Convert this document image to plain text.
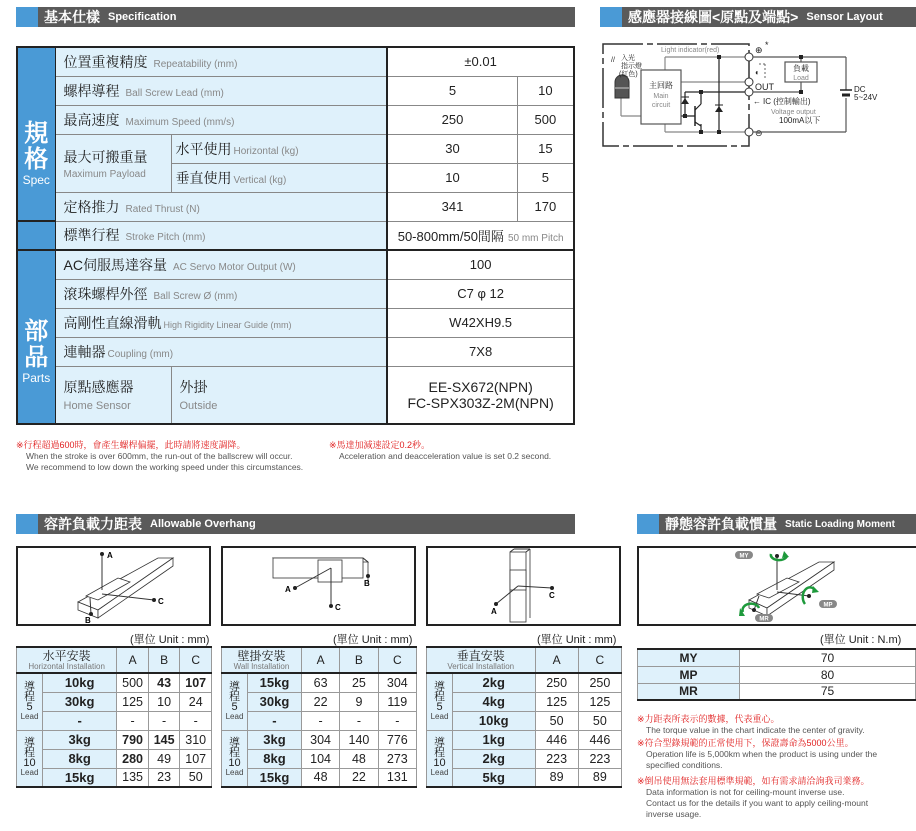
基本仕樣 Specification
規
格
Spec	位置重複精度 Repeatability (mm)		±0.01	
	螺桿導程 Ball Screw Lead (mm)		5	10
	最高速度 Maximum Speed (mm/s)		250	500
	最大可搬重量
Maximum Payload	水平使用 Horizontal (kg)	30	15
		垂直使用 Vertical (kg)	10	5
	定格推力 Rated Thrust (N)		341	170
	標準行程 Stroke Pitch (mm)		50-800mm/50間隔 50 mm Pitch	

部
品
Parts	AC伺服馬達容量 AC Servo Motor Output (W)		100	
	滾珠螺桿外徑 Ball Screw Ø (mm)		C7 φ 12	
	高剛性直線滑軌 High Rigidity Linear Guide (mm)		W42XH9.5	
	連軸器 Coupling (mm)		7X8	

	原點感應器
Home Sensor	外掛
Outside	EE-SX672(NPN)
FC-SPX303Z-2M(NPN)	
※行程超過600時，會產生螺桿偏擺，此時請將速度調降。
When the stroke is over 600mm, the run-out of the ballscrew will occur.
We recommend to low down the working speed under this circumstances.
※馬達加減速設定0.2秒。
Acceleration and deacceleration value is set 0.2 second.
感應器接線圖<原點及端點> Sensor Layout
主回路
Main
circuit
// 入光
指示燈
(紅色)
Light indicator(red)	⊕ *
◐
OUT
⊖
負載
Load
DC
5~24V
← IC (控制輸出)
Voltage output
100mA以下
容許負載力距表 Allowable Overhang
A
C
B
(單位 Unit : mm)
A
C
B
(單位 Unit : mm)
A
C
(單位 Unit : mm)
水平安裝
Horizontal Installation		A	B	C

導
程
5
Lead	10kg	500	43	107
	30kg	125	10	24
	-	-	-	-

導
程
10
Lead	3kg	790	145	310
	8kg	280	49	107
	15kg	135	23	50
壁掛安裝
Wall Installation		A	B	C

導
程
5
Lead	15kg	63	25	304
	30kg	22	9	119
	-	-	-	-

導
程
10
Lead	3kg	304	140	776
	8kg	104	48	273
	15kg	48	22	131
垂直安裝
Vertical Installation		A	C

導
程
5
Lead	2kg	250	250
	4kg	125	125
	10kg	50	50

導
程
10
Lead	1kg	446	446
	2kg	223	223
	5kg	89	89
靜態容許負載慣量 Static Loading Moment
MY
MP
MR
(單位 Unit : N.m)
MY	70
MP	80
MR	75
※力距表所表示的數據，代表重心。
The torque value in the chart indicate the center of gravity.
※符合型錄規範的正常使用下，保證壽命為5000公里。
Operation life is 5,000km when the product is using under the
specified conditions.
※倒吊使用無法套用標準規範，如有需求請洽詢我司業務。
Data information is not for ceiling-mount inverse use.
Contact us for the details if you want to apply ceiling-mount
inverse usage.
